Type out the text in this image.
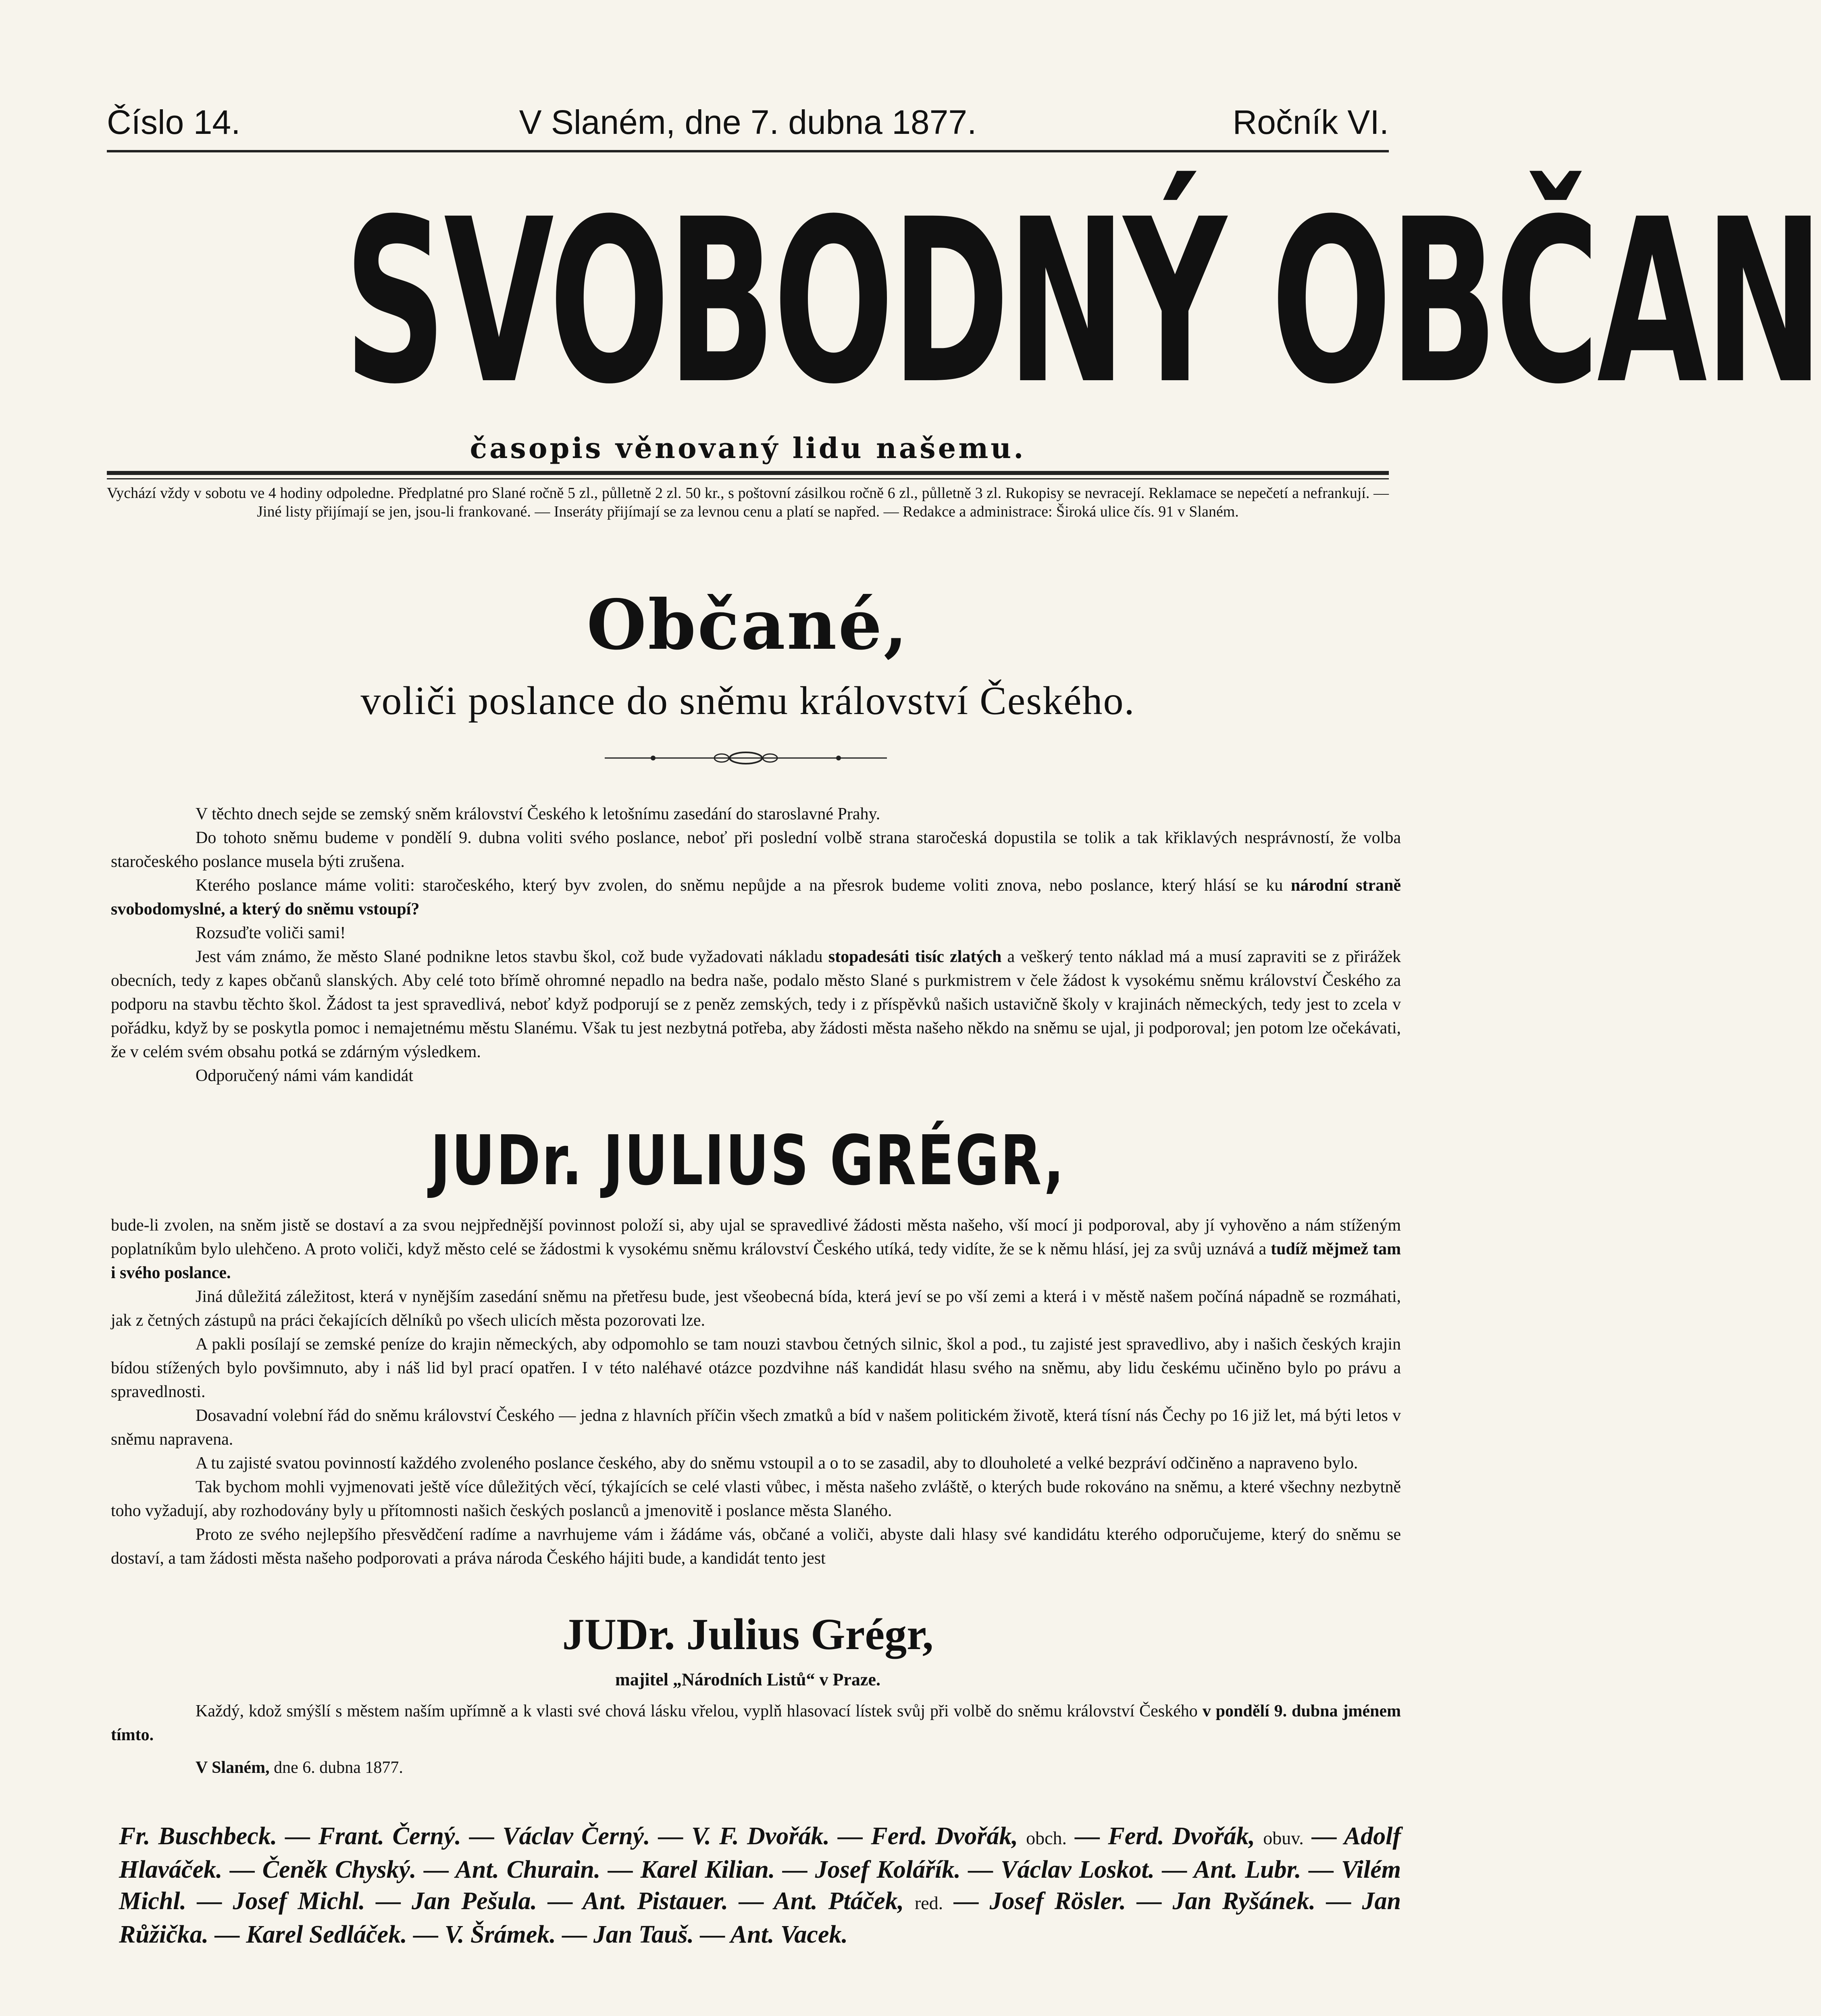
Číslo 14.	V Slaném, dne 7. dubna 1877.	Ročník VI.
SVOBODNÝ OBČAN
časopis věnovaný lidu našemu.
Vychází vždy v sobotu ve 4 hodiny odpoledne. Předplatné pro Slané ročně 5 zl., půlletně 2 zl. 50 kr., s poštovní zásilkou ročně 6 zl., půlletně 3 zl. Rukopisy se nevracejí. Reklamace se nepečetí a nefrankují. — Jiné listy přijímají se jen, jsou-li frankované. — Inseráty přijímají se za levnou cenu a platí se napřed. — Redakce a administrace: Široká ulice čís. 91 v Slaném.
Občané,
voliči poslance do sněmu království Českého.

V těchto dnech sejde se zemský sněm království Českého k letošnímu zasedání do staroslavné Prahy.

Do tohoto sněmu budeme v pondělí 9. dubna voliti svého poslance, neboť při poslední volbě strana staročeská dopustila se tolik a tak křiklavých nesprávností, že volba staročeského poslance musela býti zrušena.

Kterého poslance máme voliti: staročeského, který byv zvolen, do sněmu nepůjde a na přesrok budeme voliti znova, nebo poslance, který hlásí se ku národní straně svobodomyslné, a který do sněmu vstoupí?

Rozsuďte voliči sami!

Jest vám známo, že město Slané podnikne letos stavbu škol, což bude vyžadovati nákladu stopadesáti tisíc zlatých a veškerý tento náklad má a musí zapraviti se z přirážek obecních, tedy z kapes občanů slanských. Aby celé toto břímě ohromné nepadlo na bedra naše, podalo město Slané s purkmistrem v čele žádost k vysokému sněmu království Českého za podporu na stavbu těchto škol. Žádost ta jest spravedlivá, neboť když podporují se z peněz zemských, tedy i z příspěvků našich ustavičně školy v krajinách německých, tedy jest to zcela v pořádku, když by se poskytla pomoc i nemajetnému městu Slanému. Však tu jest nezbytná potřeba, aby žádosti města našeho někdo na sněmu se ujal, ji podporoval; jen potom lze očekávati, že v celém svém obsahu potká se zdárným výsledkem.

Odporučený námi vám kandidát

JUDr. JULIUS GRÉGR,

bude-li zvolen, na sněm jistě se dostaví a za svou nejpřednější povinnost položí si, aby ujal se spravedlivé žádosti města našeho, vší mocí ji podporoval, aby jí vyhověno a nám stíženým poplatníkům bylo ulehčeno. A proto voliči, když město celé se žádostmi k vysokému sněmu království Českého utíká, tedy vidíte, že se k němu hlásí, jej za svůj uznává a tudíž mějmež tam i svého poslance.

Jiná důležitá záležitost, která v nynějším zasedání sněmu na přetřesu bude, jest všeobecná bída, která jeví se po vší zemi a která i v městě našem počíná nápadně se rozmáhati, jak z četných zástupů na práci čekajících dělníků po všech ulicích města pozorovati lze.

A pakli posílají se zemské peníze do krajin německých, aby odpomohlo se tam nouzi stavbou četných silnic, škol a pod., tu zajisté jest spravedlivo, aby i našich českých krajin bídou stížených bylo povšimnuto, aby i náš lid byl prací opatřen. I v této naléhavé otázce pozdvihne náš kandidát hlasu svého na sněmu, aby lidu českému učiněno bylo po právu a spravedlnosti.

Dosavadní volební řád do sněmu království Českého — jedna z hlavních příčin všech zmatků a bíd v našem politickém životě, která tísní nás Čechy po 16 již let, má býti letos v sněmu napravena.

A tu zajisté svatou povinností každého zvoleného poslance českého, aby do sněmu vstoupil a o to se zasadil, aby to dlouholeté a velké bezpráví odčiněno a napraveno bylo.

Tak bychom mohli vyjmenovati ještě více důležitých věcí, týkajících se celé vlasti vůbec, i města našeho zvláště, o kterých bude rokováno na sněmu, a které všechny nezbytně toho vyžadují, aby rozhodovány byly u přítomnosti našich českých poslanců a jmenovitě i poslance města Slaného.

Proto ze svého nejlepšího přesvědčení radíme a navrhujeme vám i žádáme vás, občané a voliči, abyste dali hlasy své kandidátu kterého odporučujeme, který do sněmu se dostaví, a tam žádosti města našeho podporovati a práva národa Českého hájiti bude, a kandidát tento jest

JUDr. Julius Grégr,
majitel „Národních Listů“ v Praze.

Každý, kdož smýšlí s městem naším upřímně a k vlasti své chová lásku vřelou, vyplň hlasovací lístek svůj při volbě do sněmu království Českého v pondělí 9. dubna jménem tímto.

V Slaném, dne 6. dubna 1877.
Fr. Buschbeck. — Frant. Černý. — Václav Černý. — V. F. Dvořák. — Ferd. Dvořák, obch. — Ferd. Dvořák, obuv. — Adolf Hlaváček. — Čeněk Chyský. — Ant. Churain. — Karel Kilian. — Josef Kolářík. — Václav Loskot. — Ant. Lubr. — Vilém Michl. — Josef Michl. — Jan Pešula. — Ant. Pistauer. — Ant. Ptáček, red. — Josef Rösler. — Jan Ryšánek. — Jan Růžička. — Karel Sedláček. — V. Šrámek. — Jan Tauš. — Ant. Vacek.
